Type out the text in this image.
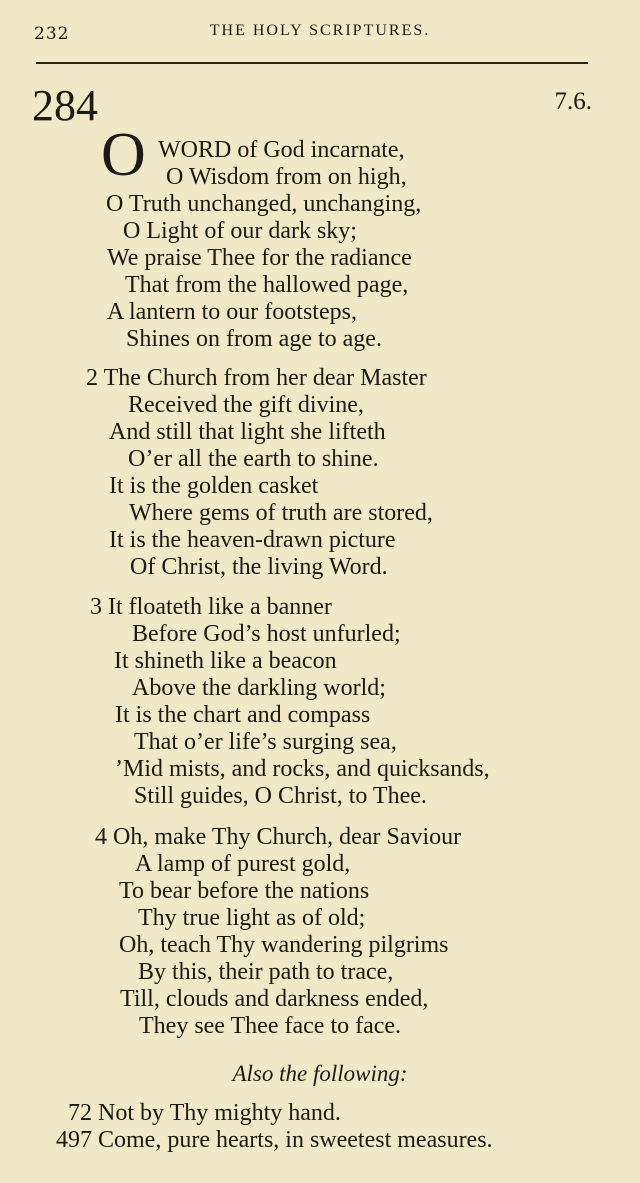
232	THE HOLY SCRIPTURES.
284	7.6.
O WORD of God incarnate,
O Wisdom from on high,
O Truth unchanged, unchanging,
O Light of our dark sky;
We praise Thee for the radiance
That from the hallowed page,
A lantern to our footsteps,
Shines on from age to age.
2 The Church from her dear Master
Received the gift divine,
And still that light she lifteth
O’er all the earth to shine.
It is the golden casket
Where gems of truth are stored,
It is the heaven-drawn picture
Of Christ, the living Word.
3 It floateth like a banner
Before God’s host unfurled;
It shineth like a beacon
Above the darkling world;
It is the chart and compass
That o’er life’s surging sea,
’Mid mists, and rocks, and quicksands,
Still guides, O Christ, to Thee.
4 Oh, make Thy Church, dear Saviour
A lamp of purest gold,
To bear before the nations
Thy true light as of old;
Oh, teach Thy wandering pilgrims
By this, their path to trace,
Till, clouds and darkness ended,
They see Thee face to face.
Also the following:
72 Not by Thy mighty hand.
497 Come, pure hearts, in sweetest measures.
